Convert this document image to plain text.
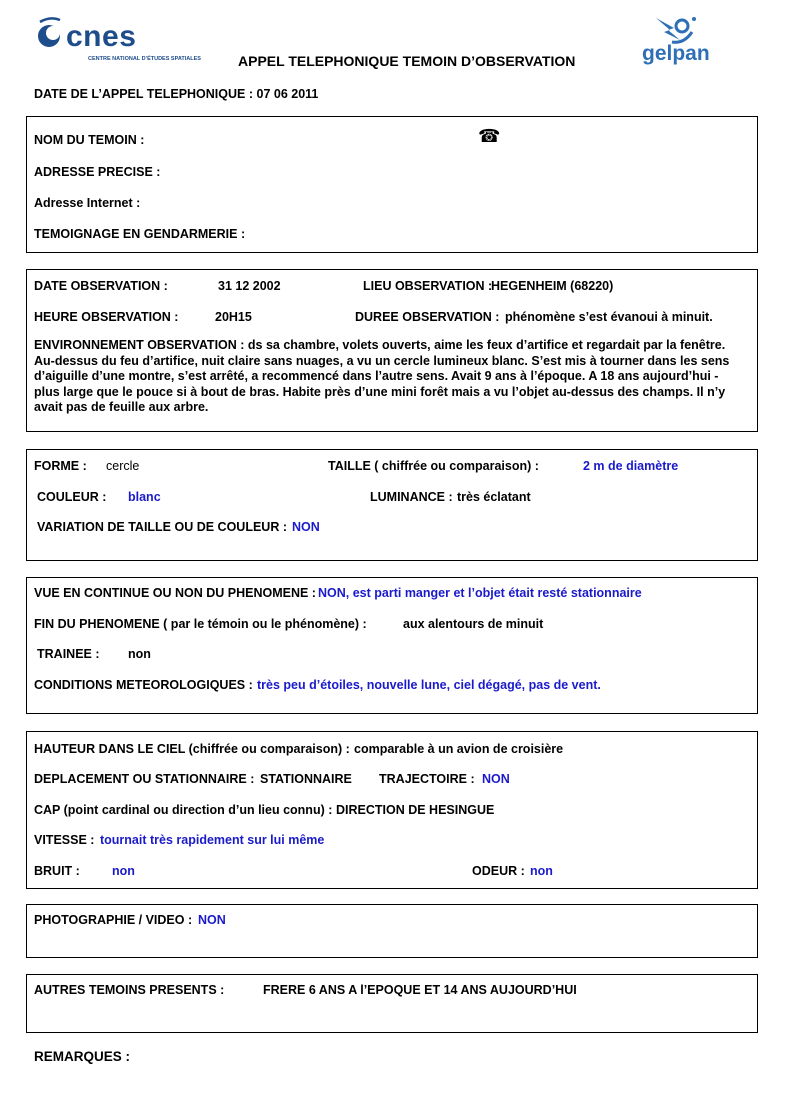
cnes
CENTRE NATIONAL D’ÉTUDES SPATIALES	gelpan
APPEL TELEPHONIQUE TEMOIN D’OBSERVATION
DATE DE L’APPEL TELEPHONIQUE : 07 06 2011
NOM DU TEMOIN :	☎
ADRESSE PRECISE :
Adresse Internet :
TEMOIGNAGE EN GENDARMERIE :
DATE OBSERVATION :	31 12 2002	LIEU OBSERVATION :
HEGENHEIM (68220)
HEURE OBSERVATION :	20H15	DUREE OBSERVATION : phénomène s’est évanoui à minuit.
ENVIRONNEMENT OBSERVATION : ds sa chambre, volets ouverts, aime les feux d’artifice et regardait par la fenêtre. Au-dessus du feu d’artifice, nuit claire sans nuages, a vu un cercle lumineux blanc. S’est mis à tourner dans les sens d’aiguille d’une montre, s’est arrêté, a recommencé dans l’autre sens. Avait 9 ans à l’époque. A 18 ans aujourd’hui - plus large que le pouce si à bout de bras. Habite près d’une mini forêt mais a vu l’objet au-dessus des champs. Il n’y avait pas de feuille aux arbre.
FORME : cercle	TAILLE ( chiffrée ou comparaison) :	2 m de diamètre
COULEUR : blanc	LUMINANCE : très éclatant
VARIATION DE TAILLE OU DE COULEUR : NON
VUE EN CONTINUE OU NON DU PHENOMENE : NON, est parti manger et l’objet était resté stationnaire
FIN DU PHENOMENE ( par le témoin ou le phénomène) :	aux alentours de minuit
TRAINEE : non
CONDITIONS METEOROLOGIQUES : très peu d’étoiles, nouvelle lune, ciel dégagé, pas de vent.
HAUTEUR DANS LE CIEL (chiffrée ou comparaison) : comparable à un avion de croisière
DEPLACEMENT OU STATIONNAIRE : STATIONNAIRE TRAJECTOIRE : NON
CAP (point cardinal ou direction d’un lieu connu) : DIRECTION DE HESINGUE
VITESSE : tournait très rapidement sur lui même
BRUIT :	non	ODEUR : non
PHOTOGRAPHIE / VIDEO : NON
AUTRES TEMOINS PRESENTS :	FRERE 6 ANS A l’EPOQUE ET 14 ANS AUJOURD’HUI
REMARQUES :
